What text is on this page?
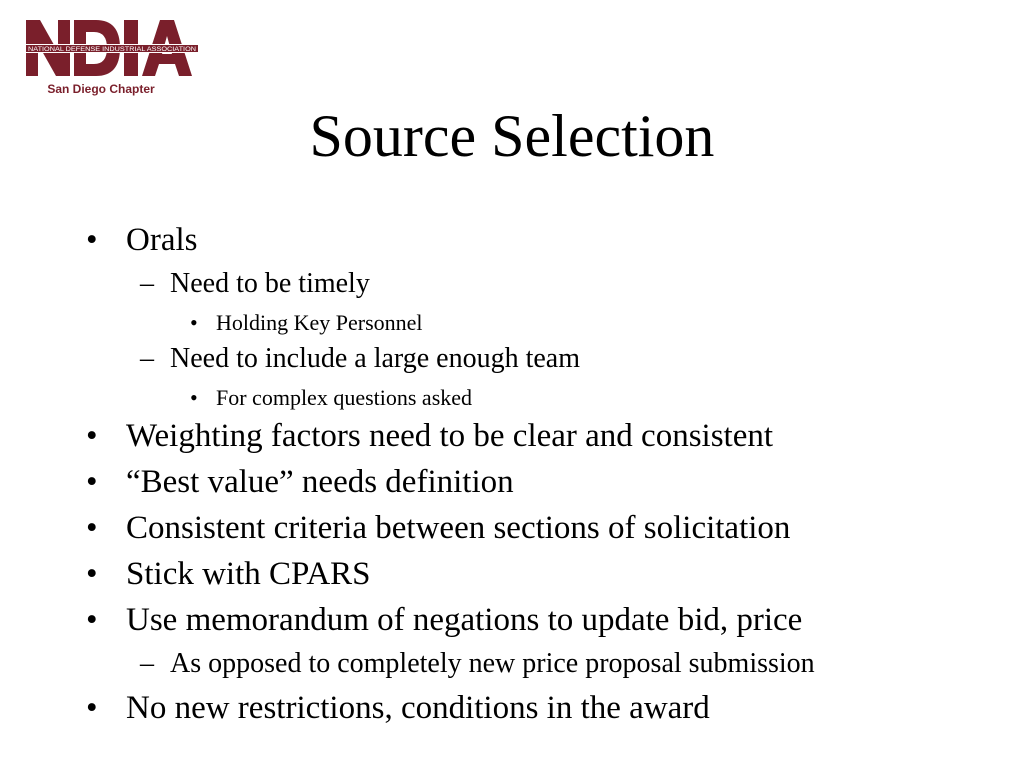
NATIONAL DEFENSE INDUSTRIAL ASSOCIATION
San Diego Chapter
Source Selection
• Orals
– Need to be timely
• Holding Key Personnel
– Need to include a large enough team
• For complex questions asked
• Weighting factors need to be clear and consistent
• “Best value” needs definition
• Consistent criteria between sections of solicitation
• Stick with CPARS
• Use memorandum of negations to update bid, price
– As opposed to completely new price proposal submission
• No new restrictions, conditions in the award
